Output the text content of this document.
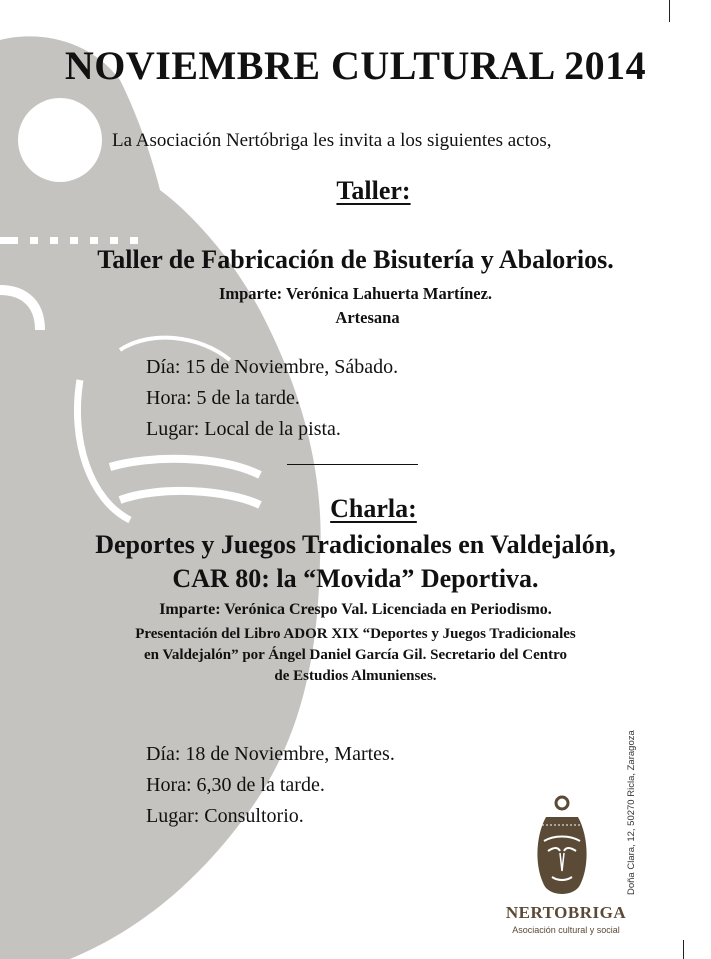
NOVIEMBRE CULTURAL 2014
La Asociación Nertóbriga les invita a los siguientes actos,
Taller:
Taller de Fabricación de Bisutería y Abalorios.
Imparte: Verónica Lahuerta Martínez.
Artesana
Día: 15 de Noviembre, Sábado.
Hora: 5 de la tarde.
Lugar: Local de la pista.
Charla:
Deportes y Juegos Tradicionales en Valdejalón,
CAR 80: la “Movida” Deportiva.
Imparte: Verónica Crespo Val. Licenciada en Periodismo.
Presentación del Libro ADOR XIX “Deportes y Juegos Tradicionales
en Valdejalón” por Ángel Daniel García Gil. Secretario del Centro
de Estudios Almunienses.
Día: 18 de Noviembre, Martes.
Hora: 6,30 de la tarde.
Lugar: Consultorio.	Doña Clara, 12, 50270 Ricla, Zaragoza
NERTOBRIGA
Asociación cultural y social
